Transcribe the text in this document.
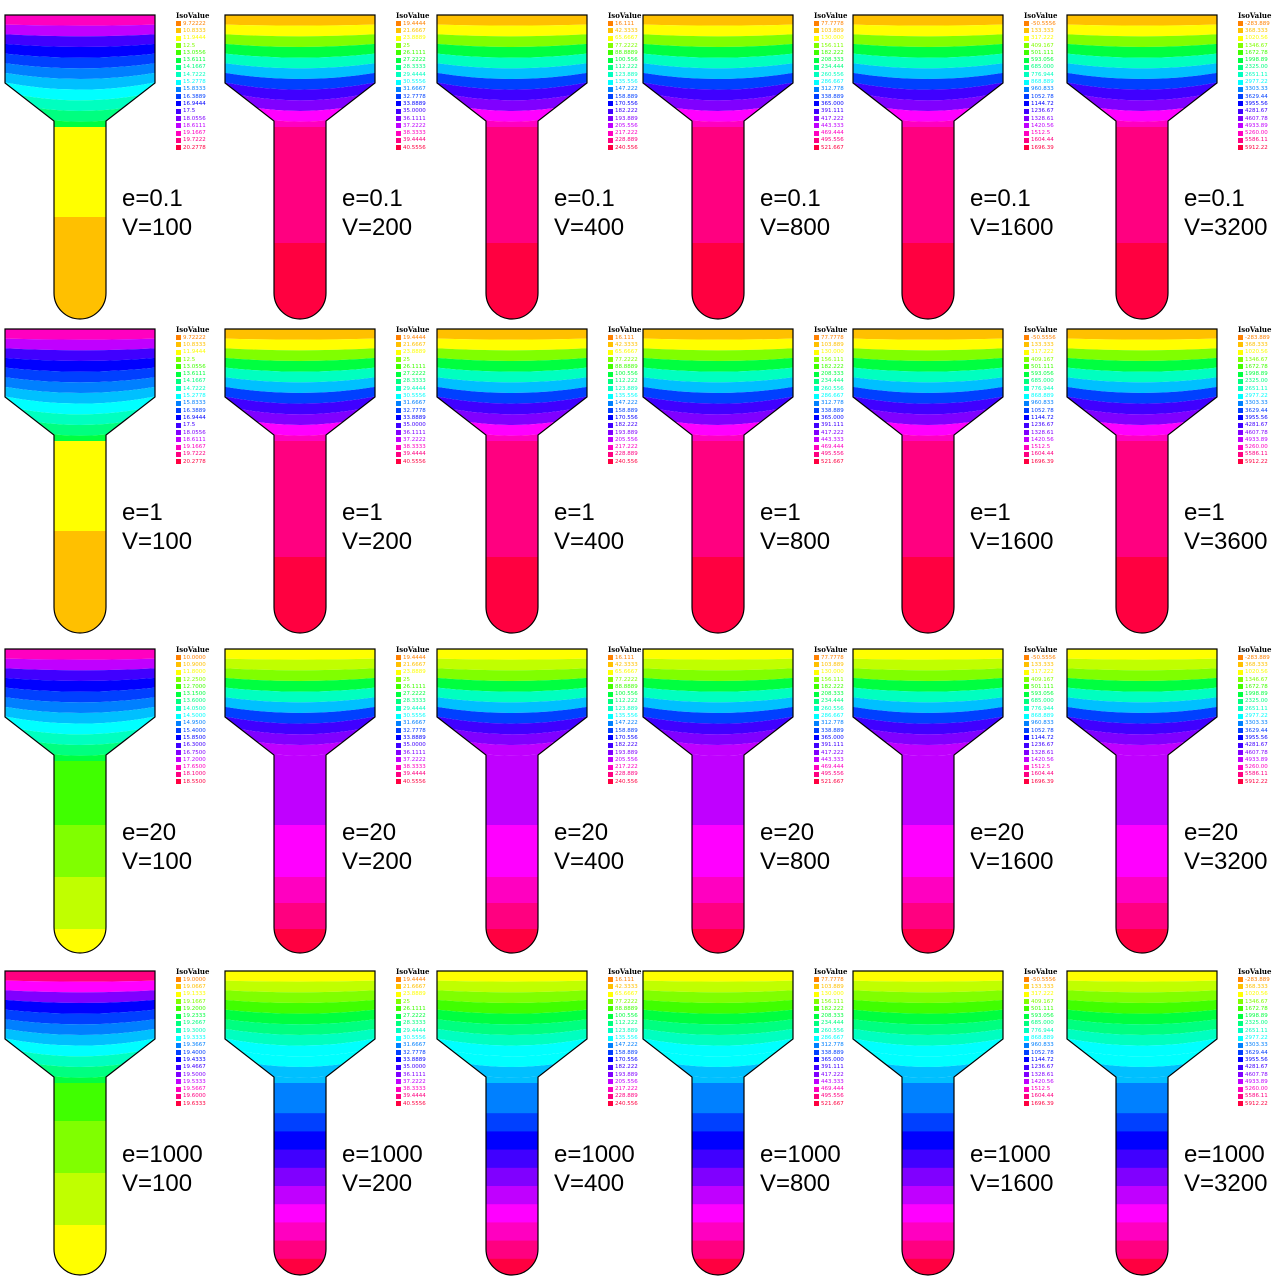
IsoValue
9.72222
10.8333
11.9444
12.5
13.0556
13.6111
14.1667
14.7222
15.2778
15.8333
16.3889
16.9444
17.5
18.0556
18.6111
19.1667
19.7222
20.2778
e=0.1
V=100
IsoValue
19.4444
21.6667
23.8889
25
26.1111
27.2222
28.3333
29.4444
30.5556
31.6667
32.7778
33.8889
35.0000
36.1111
37.2222
38.3333
39.4444
40.5556
e=0.1
V=200
IsoValue
16.111
42.3333
65.6667
77.2222
88.8889
100.556
112.222
123.889
135.556
147.222
158.889
170.556
182.222
193.889
205.556
217.222
228.889
240.556
e=0.1
V=400
IsoValue
77.7778
103.889
130.000
156.111
182.222
208.333
234.444
260.556
286.667
312.778
338.889
365.000
391.111
417.222
443.333
469.444
495.556
521.667
e=0.1
V=800
IsoValue
-50.5556
133.333
317.222
409.167
501.111
593.056
685.000
776.944
868.889
960.833
1052.78
1144.72
1236.67
1328.61
1420.56
1512.5
1604.44
1696.39
e=0.1
V=1600
IsoValue
-283.889
368.333
1020.56
1346.67
1672.78
1998.89
2325.00
2651.11
2977.22
3303.33
3629.44
3955.56
4281.67
4607.78
4933.89
5260.00
5586.11
5912.22
e=0.1
V=3200
IsoValue
9.72222
10.8333
11.9444
12.5
13.0556
13.6111
14.1667
14.7222
15.2778
15.8333
16.3889
16.9444
17.5
18.0556
18.6111
19.1667
19.7222
20.2778
e=1
V=100
IsoValue
19.4444
21.6667
23.8889
25
26.1111
27.2222
28.3333
29.4444
30.5556
31.6667
32.7778
33.8889
35.0000
36.1111
37.2222
38.3333
39.4444
40.5556
e=1
V=200
IsoValue
16.111
42.3333
65.6667
77.2222
88.8889
100.556
112.222
123.889
135.556
147.222
158.889
170.556
182.222
193.889
205.556
217.222
228.889
240.556
e=1
V=400
IsoValue
77.7778
103.889
130.000
156.111
182.222
208.333
234.444
260.556
286.667
312.778
338.889
365.000
391.111
417.222
443.333
469.444
495.556
521.667
e=1
V=800
IsoValue
-50.5556
133.333
317.222
409.167
501.111
593.056
685.000
776.944
868.889
960.833
1052.78
1144.72
1236.67
1328.61
1420.56
1512.5
1604.44
1696.39
e=1
V=1600
IsoValue
-283.889
368.333
1020.56
1346.67
1672.78
1998.89
2325.00
2651.11
2977.22
3303.33
3629.44
3955.56
4281.67
4607.78
4933.89
5260.00
5586.11
5912.22
e=1
V=3600
IsoValue
10.0000
10.9000
11.8000
12.2500
12.7000
13.1500
13.6000
14.0500
14.5000
14.9500
15.4000
15.8500
16.3000
16.7500
17.2000
17.6500
18.1000
18.5500
e=20
V=100
IsoValue
19.4444
21.6667
23.8889
25
26.1111
27.2222
28.3333
29.4444
30.5556
31.6667
32.7778
33.8889
35.0000
36.1111
37.2222
38.3333
39.4444
40.5556
e=20
V=200
IsoValue
16.111
42.3333
65.6667
77.2222
88.8889
100.556
112.222
123.889
135.556
147.222
158.889
170.556
182.222
193.889
205.556
217.222
228.889
240.556
e=20
V=400
IsoValue
77.7778
103.889
130.000
156.111
182.222
208.333
234.444
260.556
286.667
312.778
338.889
365.000
391.111
417.222
443.333
469.444
495.556
521.667
e=20
V=800
IsoValue
-50.5556
133.333
317.222
409.167
501.111
593.056
685.000
776.944
868.889
960.833
1052.78
1144.72
1236.67
1328.61
1420.56
1512.5
1604.44
1696.39
e=20
V=1600
IsoValue
-283.889
368.333
1020.56
1346.67
1672.78
1998.89
2325.00
2651.11
2977.22
3303.33
3629.44
3955.56
4281.67
4607.78
4933.89
5260.00
5586.11
5912.22
e=20
V=3200
IsoValue
19.0000
19.0667
19.1333
19.1667
19.2000
19.2333
19.2667
19.3000
19.3333
19.3667
19.4000
19.4333
19.4667
19.5000
19.5333
19.5667
19.6000
19.6333
e=1000
V=100
IsoValue
19.4444
21.6667
23.8889
25
26.1111
27.2222
28.3333
29.4444
30.5556
31.6667
32.7778
33.8889
35.0000
36.1111
37.2222
38.3333
39.4444
40.5556
e=1000
V=200
IsoValue
16.111
42.3333
65.6667
77.2222
88.8889
100.556
112.222
123.889
135.556
147.222
158.889
170.556
182.222
193.889
205.556
217.222
228.889
240.556
e=1000
V=400
IsoValue
77.7778
103.889
130.000
156.111
182.222
208.333
234.444
260.556
286.667
312.778
338.889
365.000
391.111
417.222
443.333
469.444
495.556
521.667
e=1000
V=800
IsoValue
-50.5556
133.333
317.222
409.167
501.111
593.056
685.000
776.944
868.889
960.833
1052.78
1144.72
1236.67
1328.61
1420.56
1512.5
1604.44
1696.39
e=1000
V=1600
IsoValue
-283.889
368.333
1020.56
1346.67
1672.78
1998.89
2325.00
2651.11
2977.22
3303.33
3629.44
3955.56
4281.67
4607.78
4933.89
5260.00
5586.11
5912.22
e=1000
V=3200
